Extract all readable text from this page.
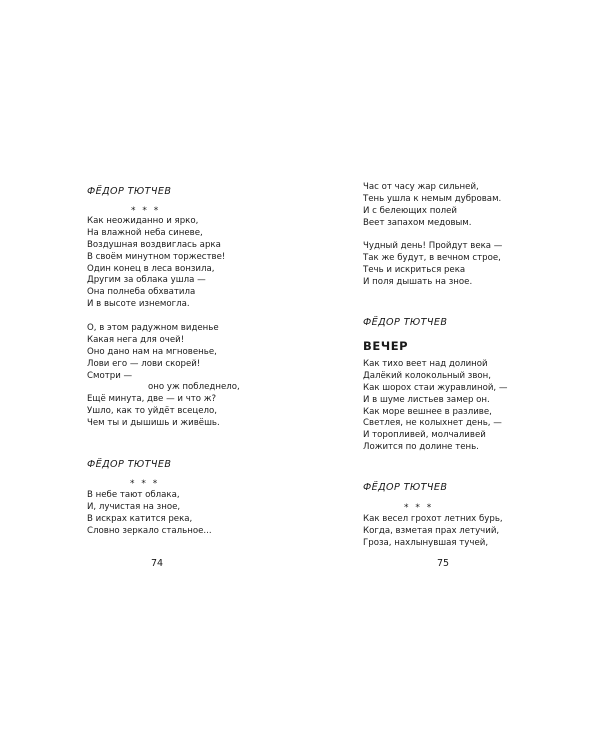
ФЁДОР ТЮТЧЕВ
* * *
Как неожиданно и ярко,
На влажной неба синеве,
Воздушная воздвиглась арка
В своём минутном торжестве!
Один конец в леса вонзила,
Другим за облака ушла —
Она полнеба обхватила
И в высоте изнемогла.
О, в этом радужном виденье
Какая нега для очей!
Оно дано нам на мгновенье,
Лови его — лови скорей!
Смотри —
оно уж побледнело,
Ещё минута, две — и что ж?
Ушло, как то уйдёт всецело,
Чем ты и дышишь и живёшь.
ФЁДОР ТЮТЧЕВ
* * *
В небе тают облака,
И, лучистая на зное,
В искрах катится река,
Словно зеркало стальное...
74
Час от часу жар сильней,
Тень ушла к немым дубровам.
И с белеющих полей
Веет запахом медовым.
Чудный день! Пройдут века —
Так же будут, в вечном строе,
Течь и искриться река
И поля дышать на зное.
ФЁДОР ТЮТЧЕВ
ВЕЧЕР
Как тихо веет над долиной
Далёкий колокольный звон,
Как шорох стаи журавлиной, —
И в шуме листьев замер он.
Как море вешнее в разливе,
Светлея, не колыхнет день, —
И торопливей, молчаливей
Ложится по долине тень.
ФЁДОР ТЮТЧЕВ
* * *
Как весел грохот летних бурь,
Когда, взметая прах летучий,
Гроза, нахлынувшая тучей,
75
